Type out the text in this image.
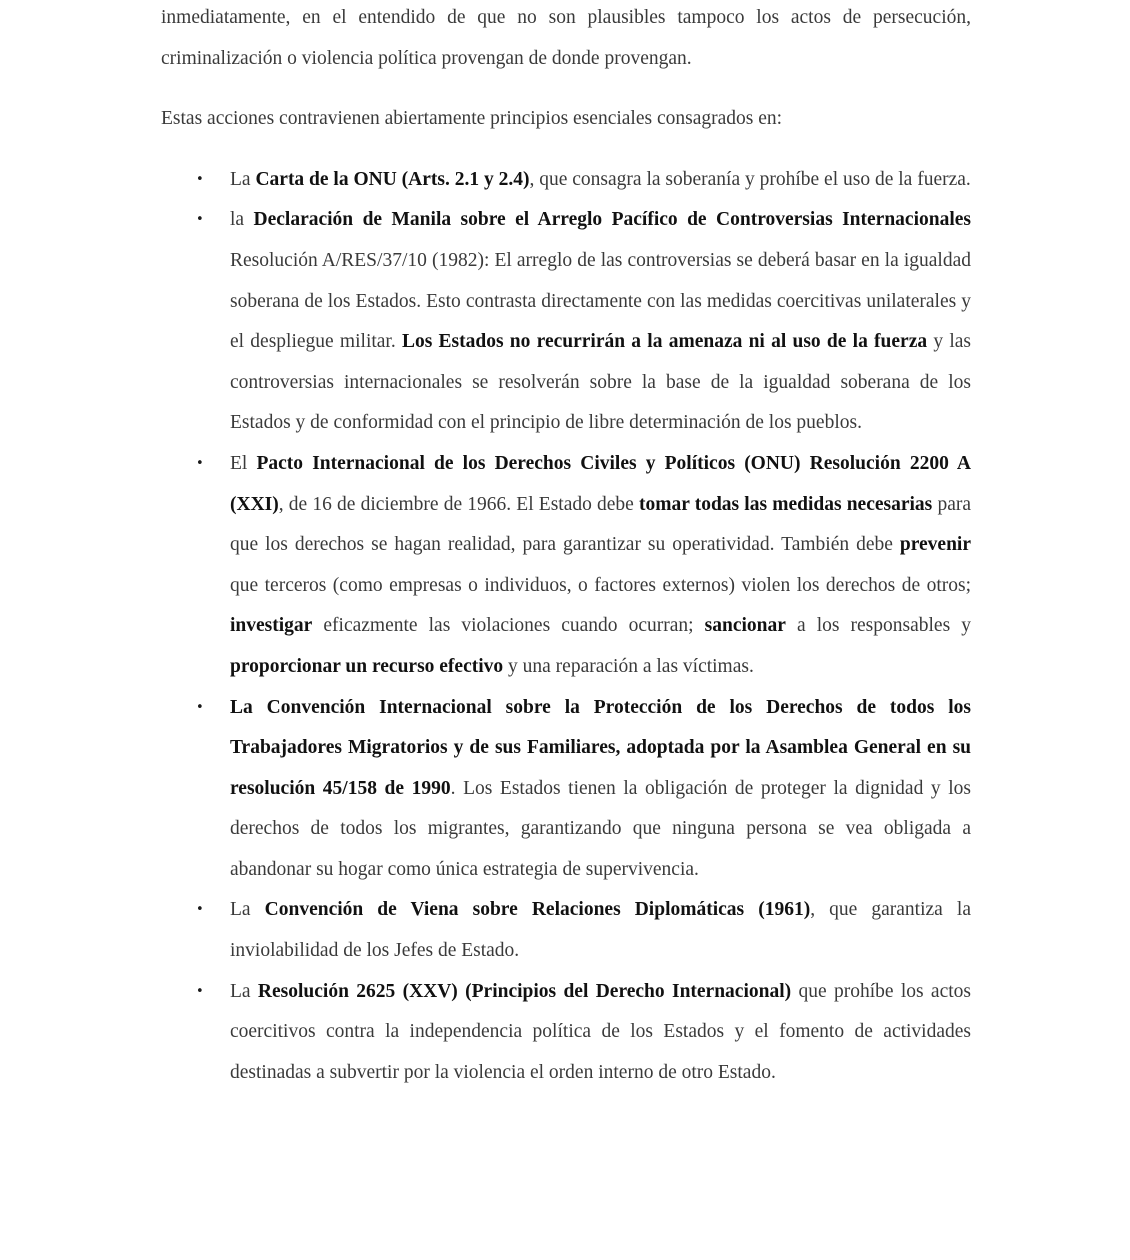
inmediatamente, en el entendido de que no son plausibles tampoco los actos de persecución, criminalización o violencia política provengan de donde provengan.

Estas acciones contravienen abiertamente principios esenciales consagrados en:

• La Carta de la ONU (Arts. 2.1 y 2.4), que consagra la soberanía y prohíbe el uso de la fuerza.
• la Declaración de Manila sobre el Arreglo Pacífico de Controversias Internacionales Resolución A/RES/37/10 (1982): El arreglo de las controversias se deberá basar en la igualdad soberana de los Estados. Esto contrasta directamente con las medidas coercitivas unilaterales y el despliegue militar. Los Estados no recurrirán a la amenaza ni al uso de la fuerza y las controversias internacionales se resolverán sobre la base de la igualdad soberana de los Estados y de conformidad con el principio de libre determinación de los pueblos.
• El Pacto Internacional de los Derechos Civiles y Políticos (ONU) Resolución 2200 A (XXI), de 16 de diciembre de 1966. El Estado debe tomar todas las medidas necesarias para que los derechos se hagan realidad, para garantizar su operatividad. También debe prevenir que terceros (como empresas o individuos, o factores externos) violen los derechos de otros; investigar eficazmente las violaciones cuando ocurran; sancionar a los responsables y proporcionar un recurso efectivo y una reparación a las víctimas.
• La Convención Internacional sobre la Protección de los Derechos de todos los Trabajadores Migratorios y de sus Familiares, adoptada por la Asamblea General en su resolución 45/158 de 1990. Los Estados tienen la obligación de proteger la dignidad y los derechos de todos los migrantes, garantizando que ninguna persona se vea obligada a abandonar su hogar como única estrategia de supervivencia.
• La Convención de Viena sobre Relaciones Diplomáticas (1961), que garantiza la inviolabilidad de los Jefes de Estado.
• La Resolución 2625 (XXV) (Principios del Derecho Internacional) que prohíbe los actos coercitivos contra la independencia política de los Estados y el fomento de actividades destinadas a subvertir por la violencia el orden interno de otro Estado.
